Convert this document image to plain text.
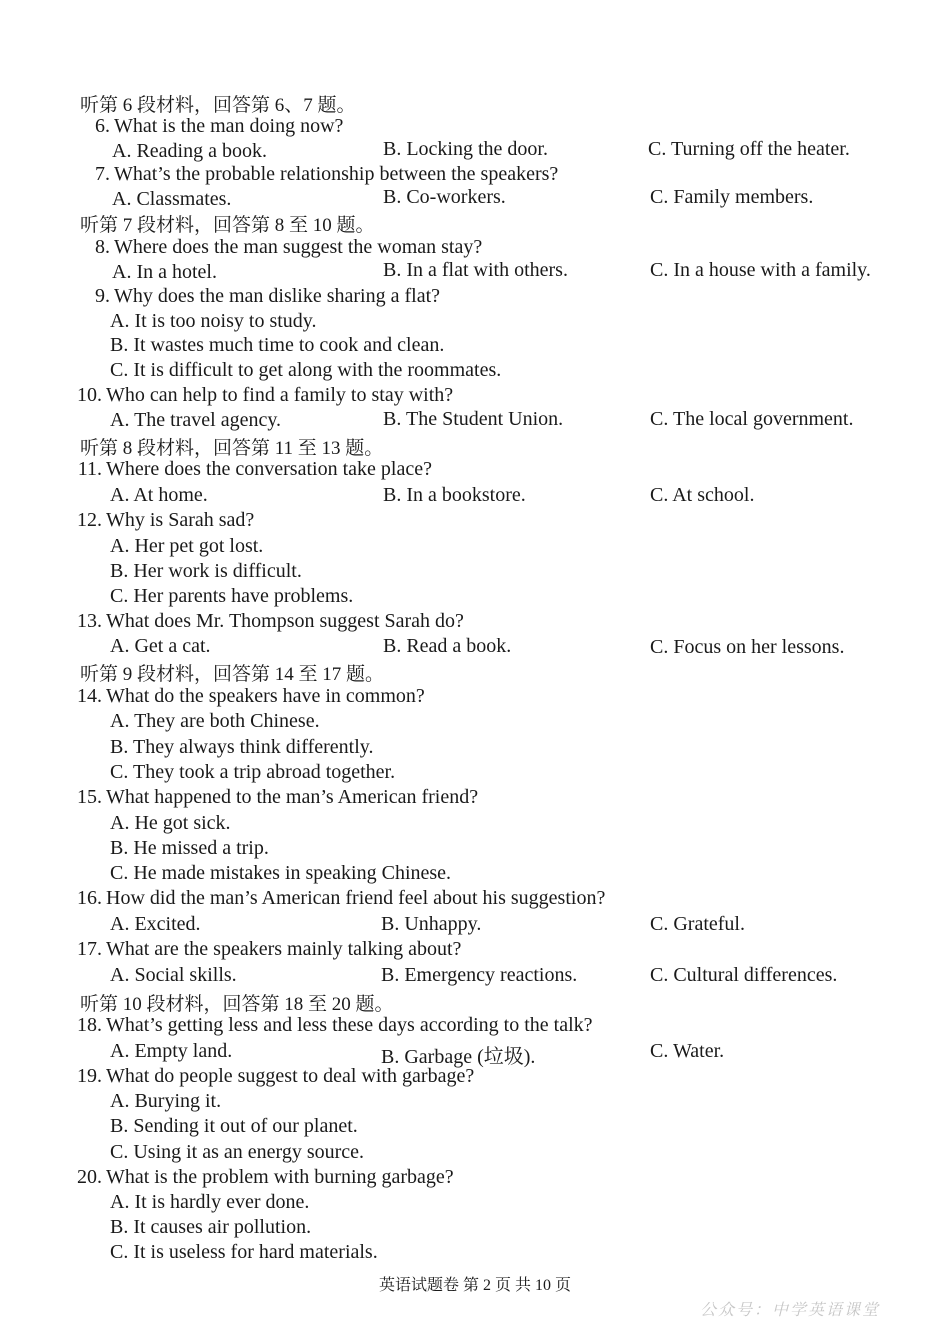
听第 6 段材料，回答第 6、7 题。
6. What is the man doing now?
A. Reading a book.	B. Locking the door.	C. Turning off the heater.
7. What’s the probable relationship between the speakers?
A. Classmates.	B. Co-workers.	C. Family members.
听第 7 段材料，回答第 8 至 10 题。
8. Where does the man suggest the woman stay?
A. In a hotel.	B. In a flat with others.	C. In a house with a family.
9. Why does the man dislike sharing a flat?
A. It is too noisy to study.
B. It wastes much time to cook and clean.
C. It is difficult to get along with the roommates.
10. Who can help to find a family to stay with?
A. The travel agency.	B. The Student Union.	C. The local government.
听第 8 段材料，回答第 11 至 13 题。
11. Where does the conversation take place?
A. At home.	B. In a bookstore.	C. At school.
12. Why is Sarah sad?
A. Her pet got lost.
B. Her work is difficult.
C. Her parents have problems.
13. What does Mr. Thompson suggest Sarah do?
A. Get a cat.	B. Read a book.	C. Focus on her lessons.
听第 9 段材料，回答第 14 至 17 题。
14. What do the speakers have in common?
A. They are both Chinese.
B. They always think differently.
C. They took a trip abroad together.
15. What happened to the man’s American friend?
A. He got sick.
B. He missed a trip.
C. He made mistakes in speaking Chinese.
16. How did the man’s American friend feel about his suggestion?
A. Excited.	B. Unhappy.	C. Grateful.
17. What are the speakers mainly talking about?
A. Social skills.	B. Emergency reactions.	C. Cultural differences.
听第 10 段材料，回答第 18 至 20 题。
18. What’s getting less and less these days according to the talk?
A. Empty land.	B. Garbage (垃圾).	C. Water.
19. What do people suggest to deal with garbage?
A. Burying it.
B. Sending it out of our planet.
C. Using it as an energy source.
20. What is the problem with burning garbage?
A. It is hardly ever done.
B. It causes air pollution.
C. It is useless for hard materials.
英语试题卷 第 2 页 共 10 页
公众号：中学英语课堂
